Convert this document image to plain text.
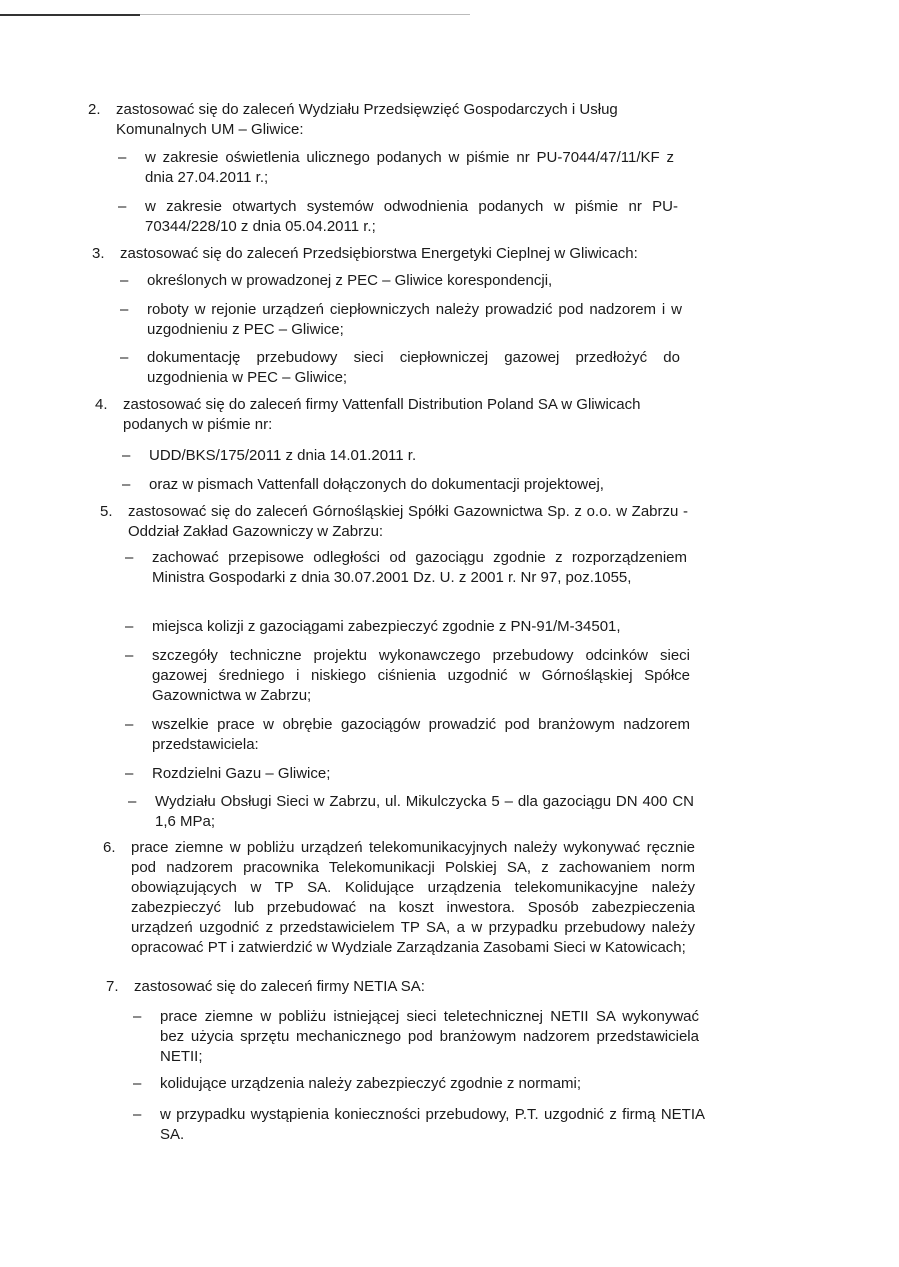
2.	zastosować się do zaleceń Wydziału Przedsięwzięć Gospodarczych i Usług Komunalnych UM – Gliwice:
–	w zakresie oświetlenia ulicznego podanych w piśmie nr PU-7044/47/11/KF z dnia 27.04.2011 r.;
–	w zakresie otwartych systemów odwodnienia podanych w piśmie nr PU-70344/228/10 z dnia 05.04.2011 r.;
3.	zastosować się do zaleceń Przedsiębiorstwa Energetyki Cieplnej w Gliwicach:
–	określonych w prowadzonej z PEC – Gliwice korespondencji,
–	roboty w rejonie urządzeń ciepłowniczych należy prowadzić pod nadzorem i w uzgodnieniu z PEC – Gliwice;
–	dokumentację przebudowy sieci ciepłowniczej gazowej przedłożyć do uzgodnienia w PEC – Gliwice;
4.	zastosować się do zaleceń firmy Vattenfall Distribution Poland SA w Gliwicach podanych w piśmie nr:
–	UDD/BKS/175/2011 z dnia 14.01.2011 r.
–	oraz w pismach Vattenfall dołączonych do dokumentacji projektowej,
5.	zastosować się do zaleceń Górnośląskiej Spółki Gazownictwa Sp. z o.o. w Zabrzu - Oddział Zakład Gazowniczy w Zabrzu:
–	zachować przepisowe odległości od gazociągu zgodnie z rozporządzeniem Ministra Gospodarki z dnia 30.07.2001 Dz. U. z 2001 r. Nr 97, poz.1055,
–	miejsca kolizji z gazociągami zabezpieczyć zgodnie z PN-91/M-34501,
–	szczegóły techniczne projektu wykonawczego przebudowy odcinków sieci gazowej średniego i niskiego ciśnienia uzgodnić w Górnośląskiej Spółce Gazownictwa w Zabrzu;
–	wszelkie prace w obrębie gazociągów prowadzić pod branżowym nadzorem przedstawiciela:
–	Rozdzielni Gazu – Gliwice;
–	Wydziału Obsługi Sieci w Zabrzu, ul. Mikulczycka 5 – dla gazociągu DN 400 CN 1,6 MPa;
6.	prace ziemne w pobliżu urządzeń telekomunikacyjnych należy wykonywać ręcznie pod nadzorem pracownika Telekomunikacji Polskiej SA, z zachowaniem norm obowiązujących w TP SA. Kolidujące urządzenia telekomunikacyjne należy zabezpieczyć lub przebudować na koszt inwestora. Sposób zabezpieczenia urządzeń uzgodnić z przedstawicielem TP SA, a w przypadku przebudowy należy opracować PT i zatwierdzić w Wydziale Zarządzania Zasobami Sieci w Katowicach;
7.	zastosować się do zaleceń firmy NETIA SA:
–	prace ziemne w pobliżu istniejącej sieci teletechnicznej NETII SA wykonywać bez użycia sprzętu mechanicznego pod branżowym nadzorem przedstawiciela NETII;
–	kolidujące urządzenia należy zabezpieczyć zgodnie z normami;
–	w przypadku wystąpienia konieczności przebudowy, P.T. uzgodnić z firmą NETIA SA.
